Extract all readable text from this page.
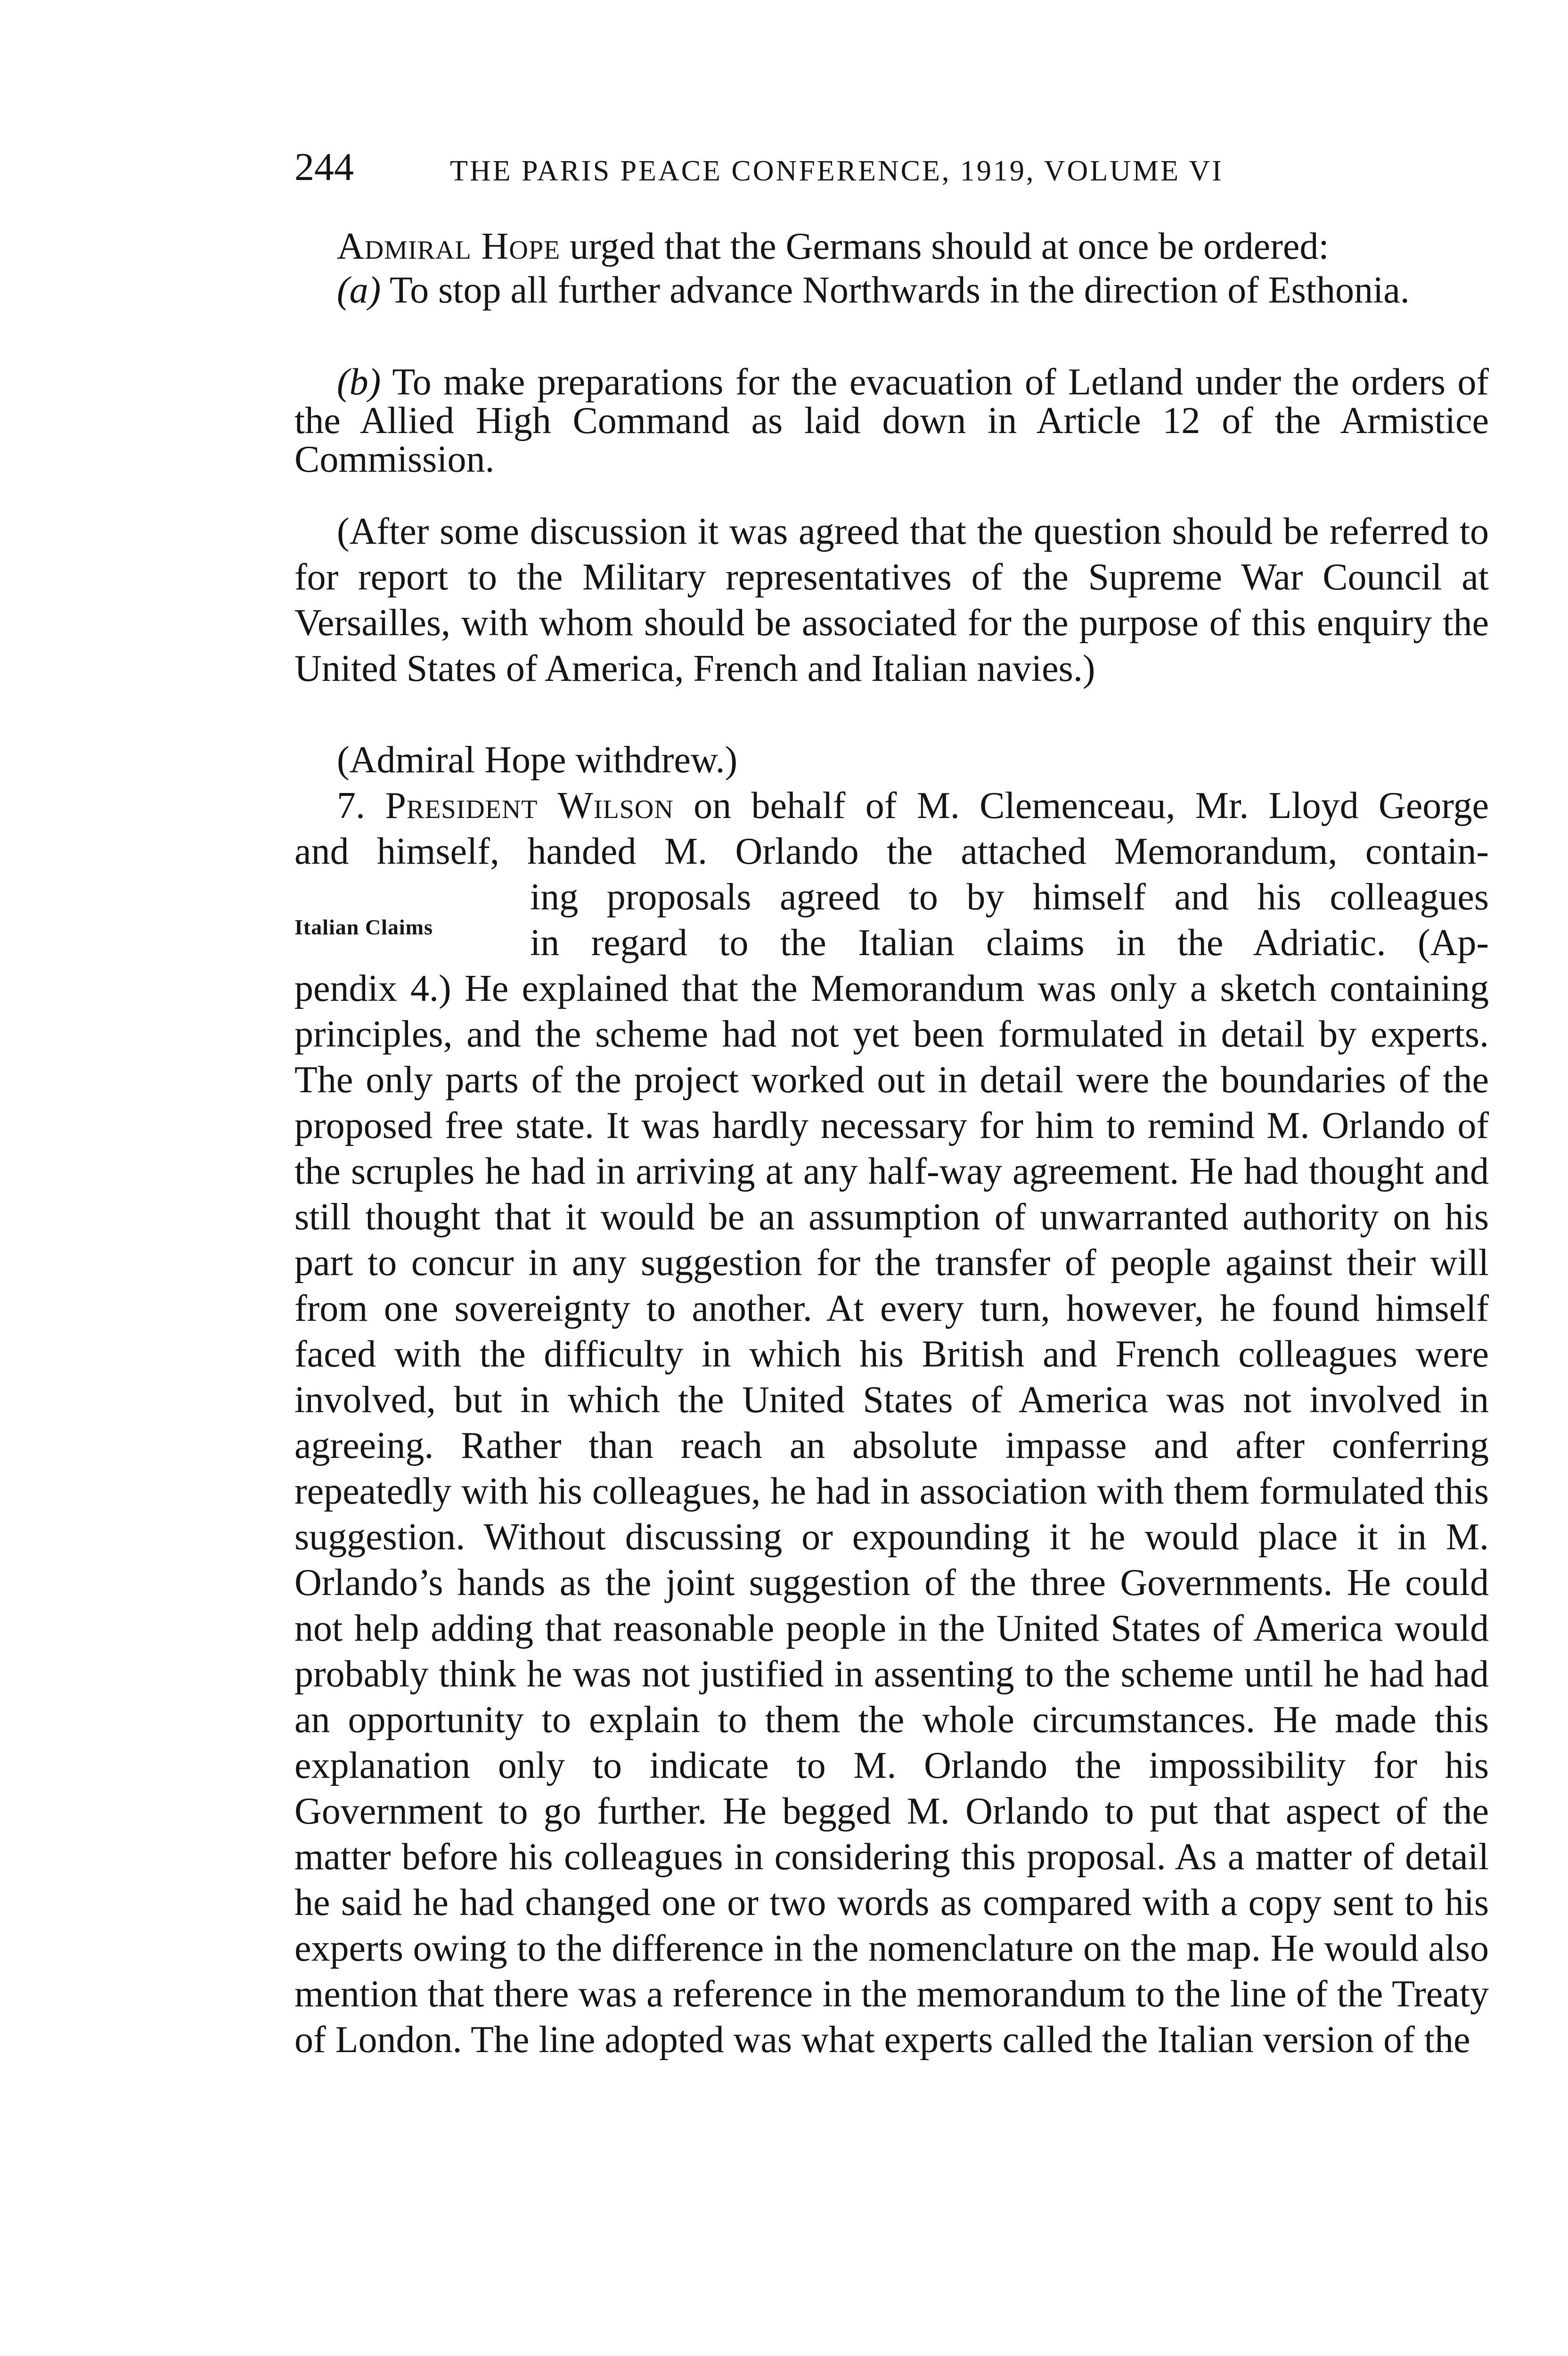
244	THE PARIS PEACE CONFERENCE, 1919, VOLUME VI

Admiral Hope urged that the Germans should at once be ordered:

(a) To stop all further advance Northwards in the direction of Esthonia.

(b) To make preparations for the evacuation of Letland under the orders of the Allied High Command as laid down in Article 12 of the Armistice Commission.

(After some discussion it was agreed that the question should be referred to for report to the Military representatives of the Supreme War Council at Versailles, with whom should be associated for the purpose of this enquiry the United States of America, French and Italian navies.)

(Admiral Hope withdrew.)

7. President Wilson on behalf of M. Clemenceau, Mr. Lloyd George
and himself, handed M. Orlando the attached Memorandum, contain-
ing proposals agreed to by himself and his colleagues
in regard to the Italian claims in the Adriatic. (Ap-
Italian Claims

pendix 4.) He explained that the Memorandum was only a sketch containing principles, and the scheme had not yet been formulated in detail by experts. The only parts of the project worked out in detail were the boundaries of the proposed free state. It was hardly necessary for him to remind M. Orlando of the scruples he had in arriving at any half-way agreement. He had thought and still thought that it would be an assumption of unwarranted authority on his part to concur in any suggestion for the transfer of people against their will from one sovereignty to another. At every turn, however, he found himself faced with the difficulty in which his British and French colleagues were involved, but in which the United States of America was not involved in agreeing. Rather than reach an absolute impasse and after conferring repeatedly with his colleagues, he had in association with them formulated this suggestion. Without discussing or expounding it he would place it in M. Orlando’s hands as the joint suggestion of the three Governments. He could not help adding that reasonable people in the United States of America would probably think he was not justified in assenting to the scheme until he had had an opportunity to explain to them the whole circumstances. He made this explanation only to indicate to M. Orlando the impossibility for his Government to go further. He begged M. Orlando to put that aspect of the matter before his colleagues in considering this proposal. As a matter of detail he said he had changed one or two words as compared with a copy sent to his experts owing to the difference in the nomenclature on the map. He would also mention that there was a reference in the memorandum to the line of the Treaty of London. The line adopted was what experts called the Italian version of the
